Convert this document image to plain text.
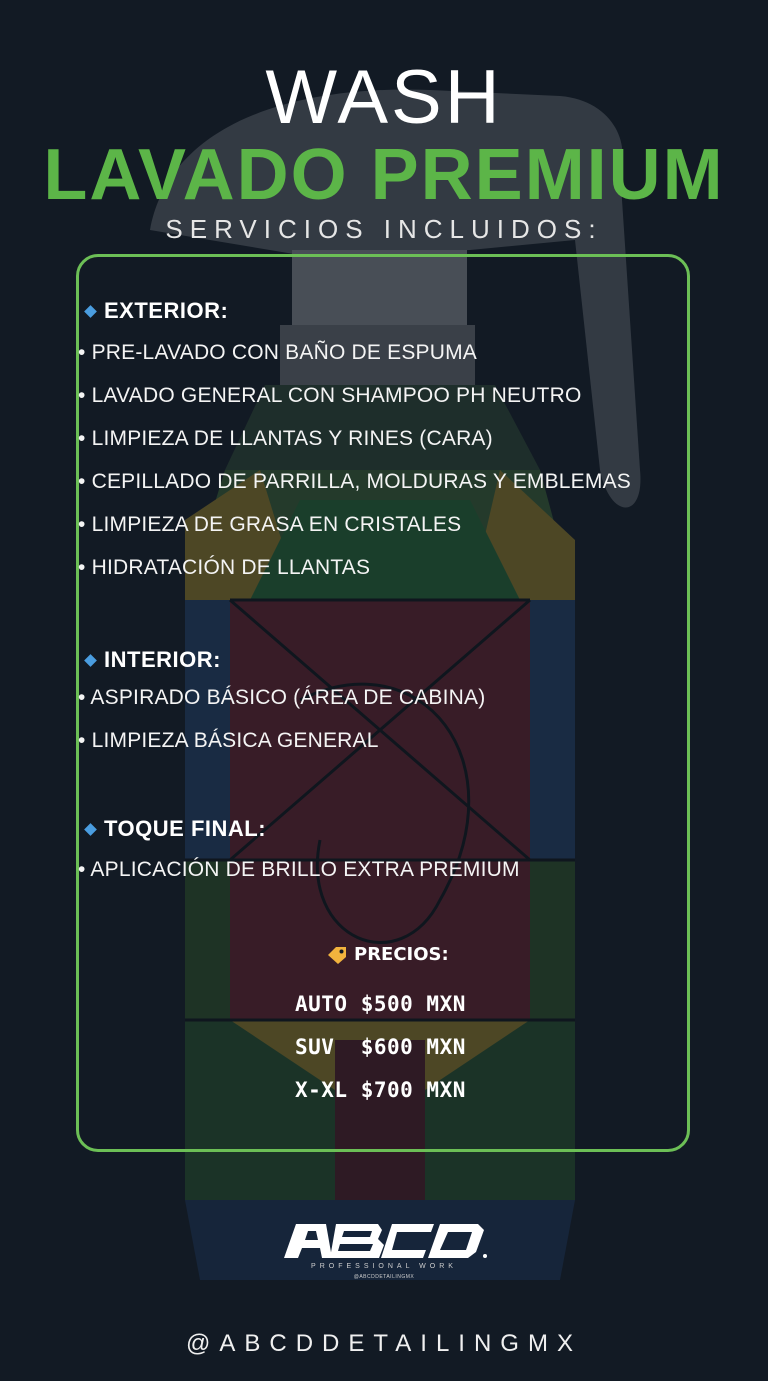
WASH
LAVADO PREMIUM
SERVICIOS INCLUIDOS:
EXTERIOR:
• PRE-LAVADO CON BAÑO DE ESPUMA
• LAVADO GENERAL CON SHAMPOO PH NEUTRO
• LIMPIEZA DE LLANTAS Y RINES (CARA)
• CEPILLADO DE PARRILLA, MOLDURAS Y EMBLEMAS
• LIMPIEZA DE GRASA EN CRISTALES
• HIDRATACIÓN DE LLANTAS
INTERIOR:
• ASPIRADO BÁSICO (ÁREA DE CABINA)
• LIMPIEZA BÁSICA GENERAL
TOQUE FINAL:
• APLICACIÓN DE BRILLO EXTRA PREMIUM
PRECIOS:
AUTO $500 MXN
SUV  $600 MXN
X-XL $700 MXN
PROFESSIONAL WORK
@ABCDDETAILINGMX
@ABCDDETAILINGMX
